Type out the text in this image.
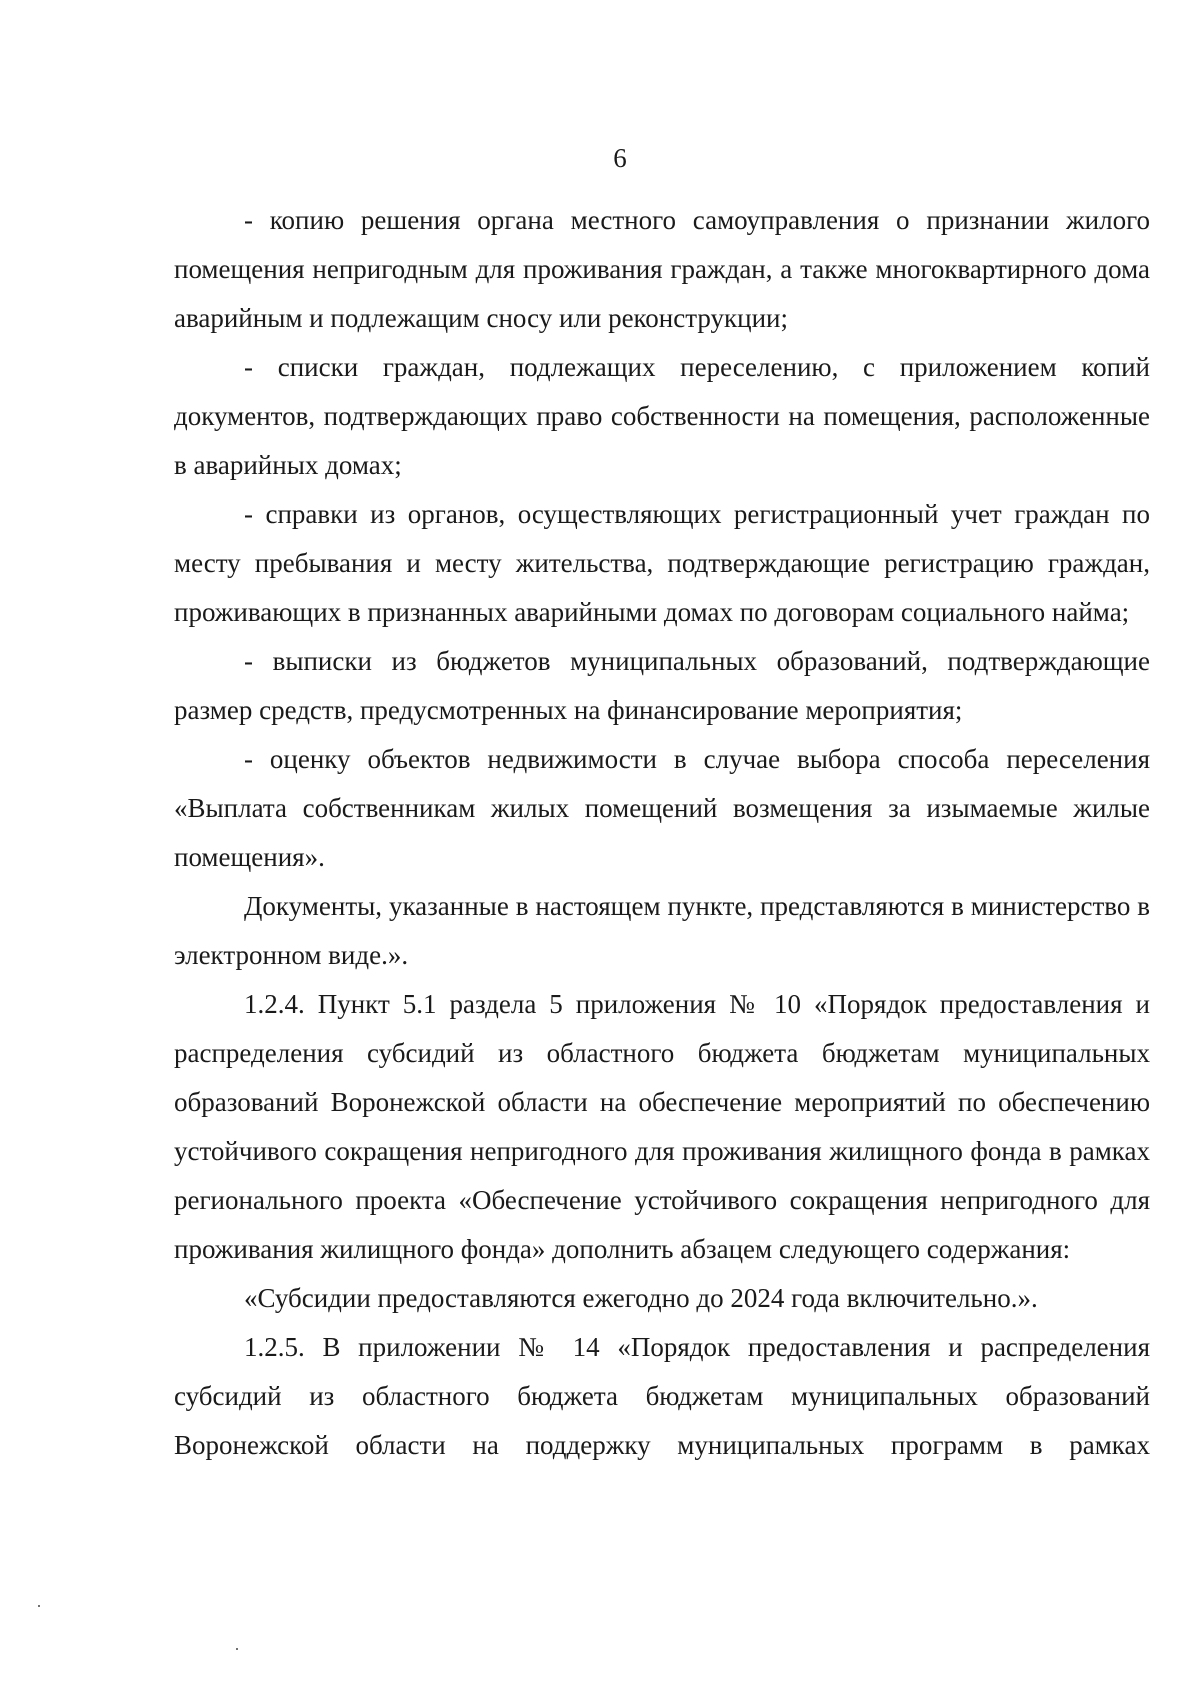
6

- копию решения органа местного самоуправления о признании жилого помещения непригодным для проживания граждан, а также многоквартирного дома аварийным и подлежащим сносу или реконструкции;

- списки граждан, подлежащих переселению, с приложением копий документов, подтверждающих право собственности на помещения, расположенные в аварийных домах;

- справки из органов, осуществляющих регистрационный учет граждан по месту пребывания и месту жительства, подтверждающие регистрацию граждан, проживающих в признанных аварийными домах по договорам социального найма;

- выписки из бюджетов муниципальных образований, подтверждающие размер средств, предусмотренных на финансирование мероприятия;

- оценку объектов недвижимости в случае выбора способа переселения «Выплата собственникам жилых помещений возмещения за изымаемые жилые помещения».

Документы, указанные в настоящем пункте, представляются в министерство в электронном виде.».

1.2.4. Пункт 5.1 раздела 5 приложения № 10 «Порядок предоставления и распределения субсидий из областного бюджета бюджетам муниципальных образований Воронежской области на обеспечение мероприятий по обеспечению устойчивого сокращения непригодного для проживания жилищного фонда в рамках регионального проекта «Обеспечение устойчивого сокращения непригодного для проживания жилищного фонда» дополнить абзацем следующего содержания:

«Субсидии предоставляются ежегодно до 2024 года включительно.».

1.2.5. В приложении № 14 «Порядок предоставления и распределения субсидий из областного бюджета бюджетам муниципальных образований Воронежской области на поддержку муниципальных программ в рамках
